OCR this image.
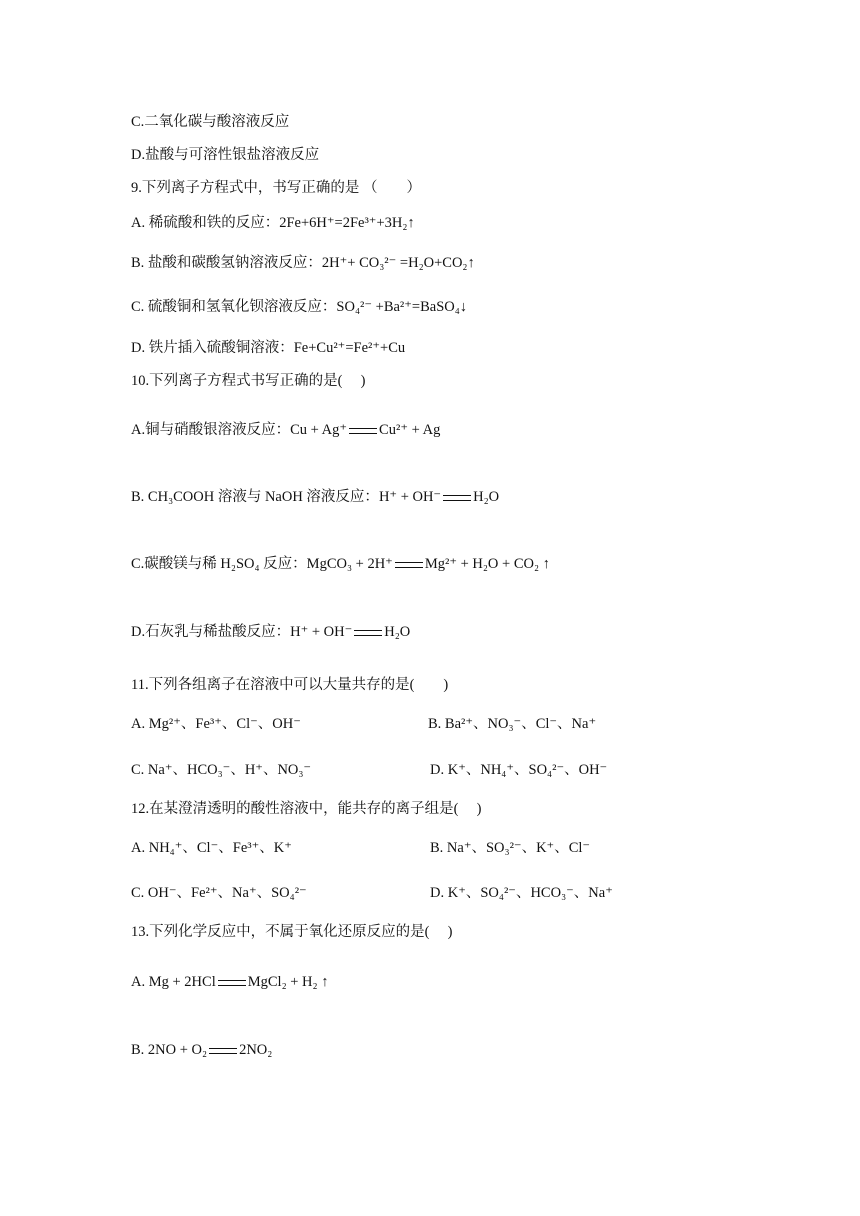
C.二氧化碳与酸溶液反应
D.盐酸与可溶性银盐溶液反应
9.下列离子方程式中，书写正确的是 （　　）
A. 稀硫酸和铁的反应：2Fe+6H⁺=2Fe³⁺+3H₂↑
B. 盐酸和碳酸氢钠溶液反应：2H⁺+ CO₃²⁻ =H₂O+CO₂↑
C. 硫酸铜和氢氧化钡溶液反应：SO₄²⁻ +Ba²⁺=BaSO₄↓
D. 铁片插入硫酸铜溶液：Fe+Cu²⁺=Fe²⁺+Cu
10.下列离子方程式书写正确的是(　 )
A.铜与硝酸银溶液反应：Cu + Ag⁺ Cu²⁺ + Ag
B. CH₃COOH 溶液与 NaOH 溶液反应：H⁺ + OH⁻ H₂O
C.碳酸镁与稀 H₂SO₄ 反应：MgCO₃ + 2H⁺ Mg²⁺ + H₂O + CO₂ ↑
D.石灰乳与稀盐酸反应：H⁺ + OH⁻ H₂O
11.下列各组离子在溶液中可以大量共存的是(　　)
A. Mg²⁺、Fe³⁺、Cl⁻、OH⁻	B. Ba²⁺、NO₃⁻、Cl⁻、Na⁺
C. Na⁺、HCO₃⁻、H⁺、NO₃⁻	D. K⁺、NH₄⁺、SO₄²⁻、OH⁻
12.在某澄清透明的酸性溶液中，能共存的离子组是(　 )
A. NH₄⁺、Cl⁻、Fe³⁺、K⁺	B. Na⁺、SO₃²⁻、K⁺、Cl⁻
C. OH⁻、Fe²⁺、Na⁺、SO₄²⁻	D. K⁺、SO₄²⁻、HCO₃⁻、Na⁺
13.下列化学反应中，不属于氧化还原反应的是(　 )
A. Mg + 2HCl MgCl₂ + H₂ ↑
B. 2NO + O₂ 2NO₂
